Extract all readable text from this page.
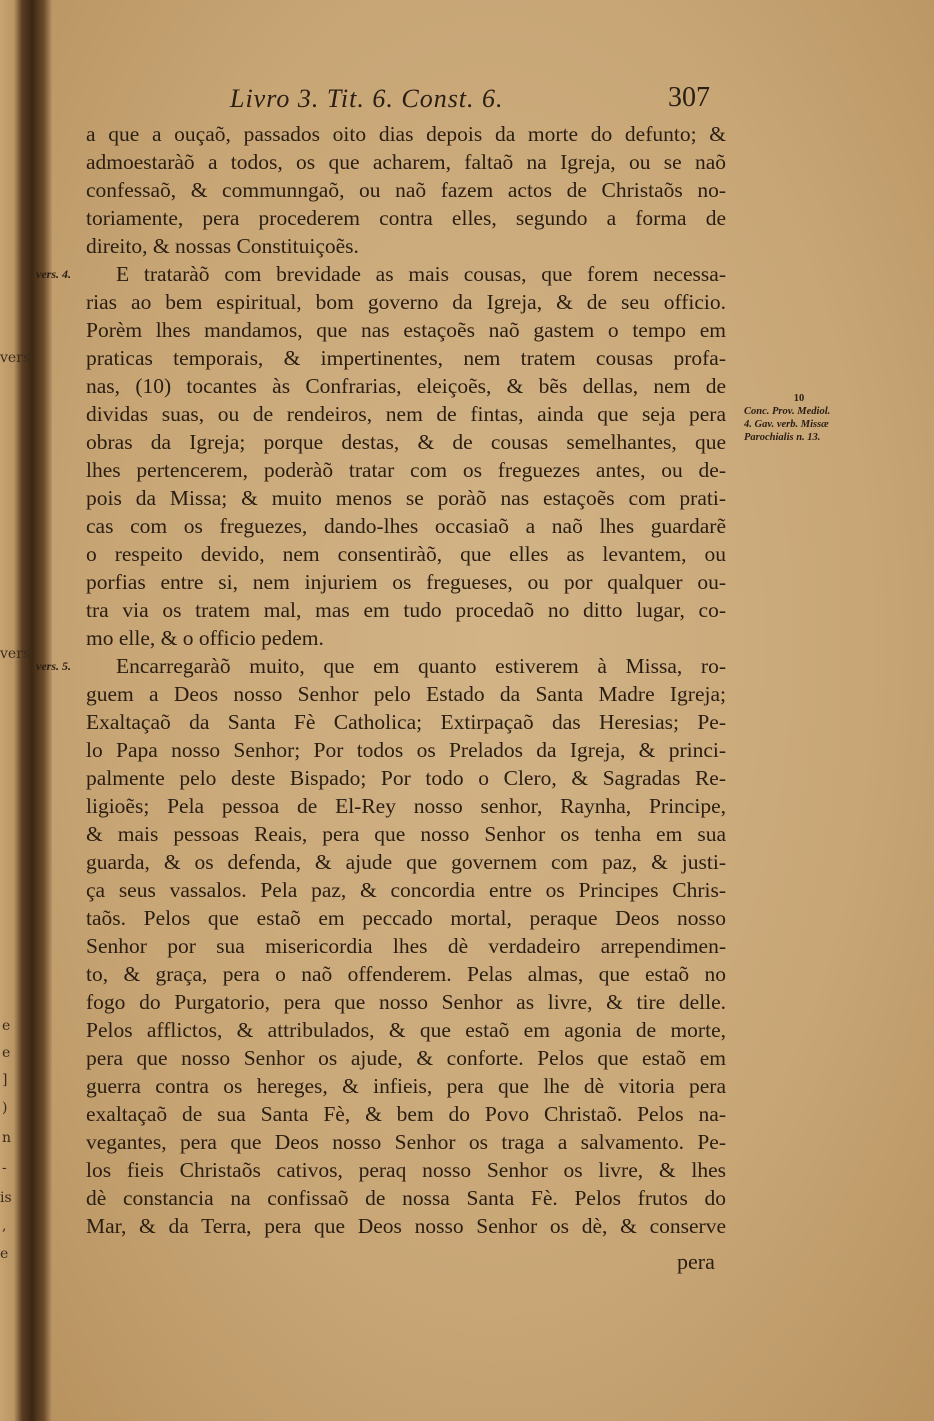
vers.
vers.
e
e
]
)
n
-
is
,
e
Livro 3. Tit. 6. Const. 6.	307
vers. 4.
vers. 5.
a que a ouçaõ, passados oito dias depois da morte do defunto; &
admoestaràõ a todos, os que acharem, faltaõ na Igreja, ou se naõ
confessaõ, & communngaõ, ou naõ fazem actos de Christaõs no-
toriamente, pera procederem contra elles, segundo a forma de
direito, & nossas Constituiçoẽs.
E trataràõ com brevidade as mais cousas, que forem necessa-
rias ao bem espiritual, bom governo da Igreja, & de seu officio.
Porèm lhes mandamos, que nas estaçoẽs naõ gastem o tempo em
praticas temporais, & impertinentes, nem tratem cousas profa-
nas, (10) tocantes às Confrarias, eleiçoẽs, & bẽs dellas, nem de
dividas suas, ou de rendeiros, nem de fintas, ainda que seja pera
obras da Igreja; porque destas, & de cousas semelhantes, que
lhes pertencerem, poderàõ tratar com os freguezes antes, ou de-
pois da Missa; & muito menos se poràõ nas estaçoẽs com prati-
cas com os freguezes, dando-lhes occasiaõ a naõ lhes guardarẽ
o respeito devido, nem consentiràõ, que elles as levantem, ou
porfias entre si, nem injuriem os fregueses, ou por qualquer ou-
tra via os tratem mal, mas em tudo procedaõ no ditto lugar, co-
mo elle, & o officio pedem.
Encarregaràõ muito, que em quanto estiverem à Missa, ro-
guem a Deos nosso Senhor pelo Estado da Santa Madre Igreja;
Exaltaçaõ da Santa Fè Catholica; Extirpaçaõ das Heresias; Pe-
lo Papa nosso Senhor; Por todos os Prelados da Igreja, & princi-
palmente pelo deste Bispado; Por todo o Clero, & Sagradas Re-
ligioẽs; Pela pessoa de El-Rey nosso senhor, Raynha, Principe,
& mais pessoas Reais, pera que nosso Senhor os tenha em sua
guarda, & os defenda, & ajude que governem com paz, & justi-
ça seus vassalos. Pela paz, & concordia entre os Principes Chris-
taõs. Pelos que estaõ em peccado mortal, peraque Deos nosso
Senhor por sua misericordia lhes dè verdadeiro arrependimen-
to, & graça, pera o naõ offenderem. Pelas almas, que estaõ no
fogo do Purgatorio, pera que nosso Senhor as livre, & tire delle.
Pelos afflictos, & attribulados, & que estaõ em agonia de morte,
pera que nosso Senhor os ajude, & conforte. Pelos que estaõ em
guerra contra os hereges, & infieis, pera que lhe dè vitoria pera
exaltaçaõ de sua Santa Fè, & bem do Povo Christaõ. Pelos na-
vegantes, pera que Deos nosso Senhor os traga a salvamento. Pe-
los fieis Christaõs cativos, peraq nosso Senhor os livre, & lhes
dè constancia na confissaõ de nossa Santa Fè. Pelos frutos do
Mar, & da Terra, pera que Deos nosso Senhor os dè, & conserve
10
Conc. Prov. Mediol.
4. Gav. verb. Missæ
Parochialis n. 13.
pera
